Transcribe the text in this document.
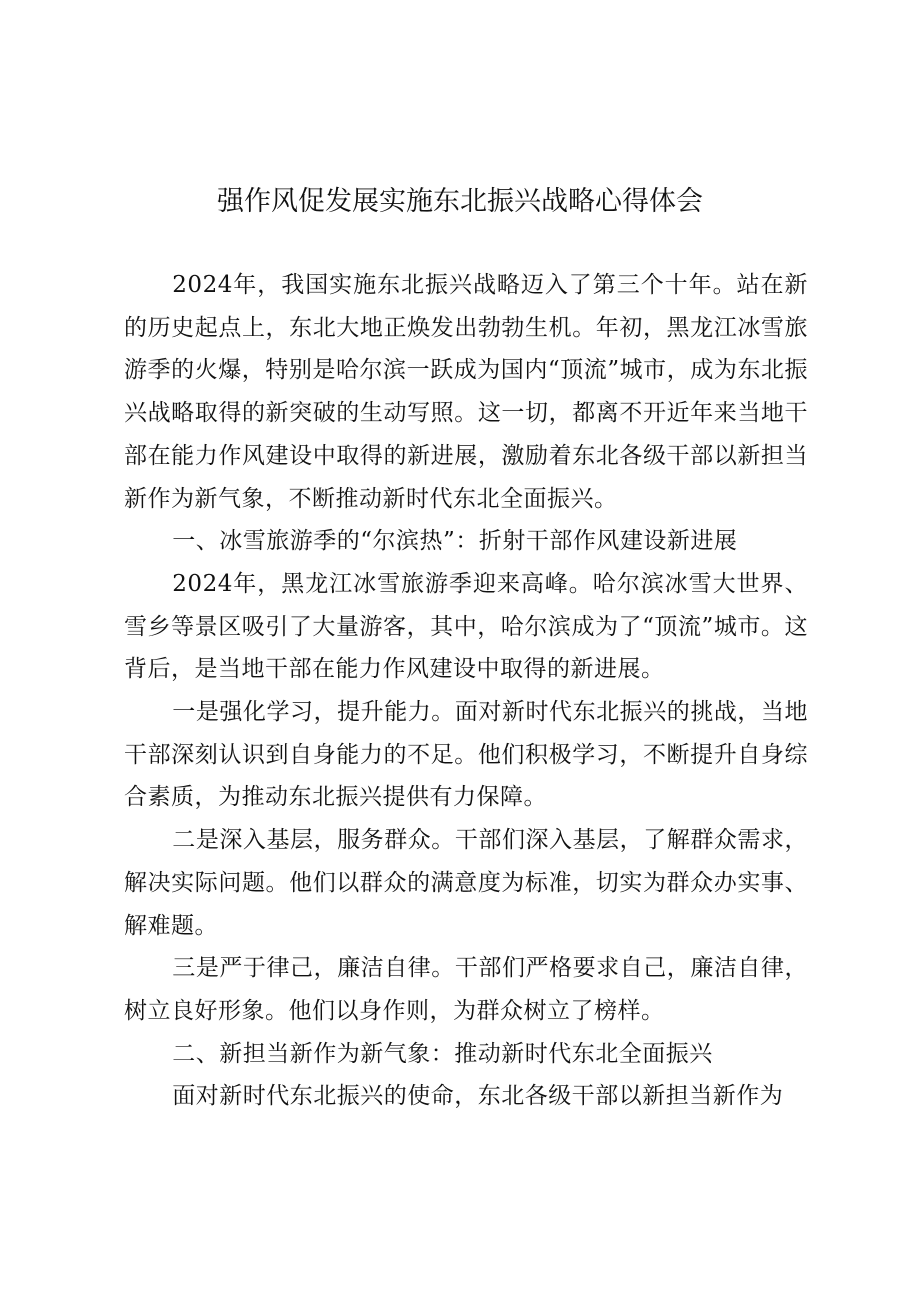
强作风促发展实施东北振兴战略心得体会

2024年，我国实施东北振兴战略迈入了第三个十年。站在新的历史起点上，东北大地正焕发出勃勃生机。年初，黑龙江冰雪旅游季的火爆，特别是哈尔滨一跃成为国内“顶流”城市，成为东北振兴战略取得的新突破的生动写照。这一切，都离不开近年来当地干部在能力作风建设中取得的新进展，激励着东北各级干部以新担当新作为新气象，不断推动新时代东北全面振兴。

一、冰雪旅游季的“尔滨热”：折射干部作风建设新进展

2024年，黑龙江冰雪旅游季迎来高峰。哈尔滨冰雪大世界、雪乡等景区吸引了大量游客，其中，哈尔滨成为了“顶流”城市。这背后，是当地干部在能力作风建设中取得的新进展。

一是强化学习，提升能力。面对新时代东北振兴的挑战，当地干部深刻认识到自身能力的不足。他们积极学习，不断提升自身综合素质，为推动东北振兴提供有力保障。

二是深入基层，服务群众。干部们深入基层，了解群众需求，解决实际问题。他们以群众的满意度为标准，切实为群众办实事、解难题。

三是严于律己，廉洁自律。干部们严格要求自己，廉洁自律，树立良好形象。他们以身作则，为群众树立了榜样。

二、新担当新作为新气象：推动新时代东北全面振兴

面对新时代东北振兴的使命，东北各级干部以新担当新作为
